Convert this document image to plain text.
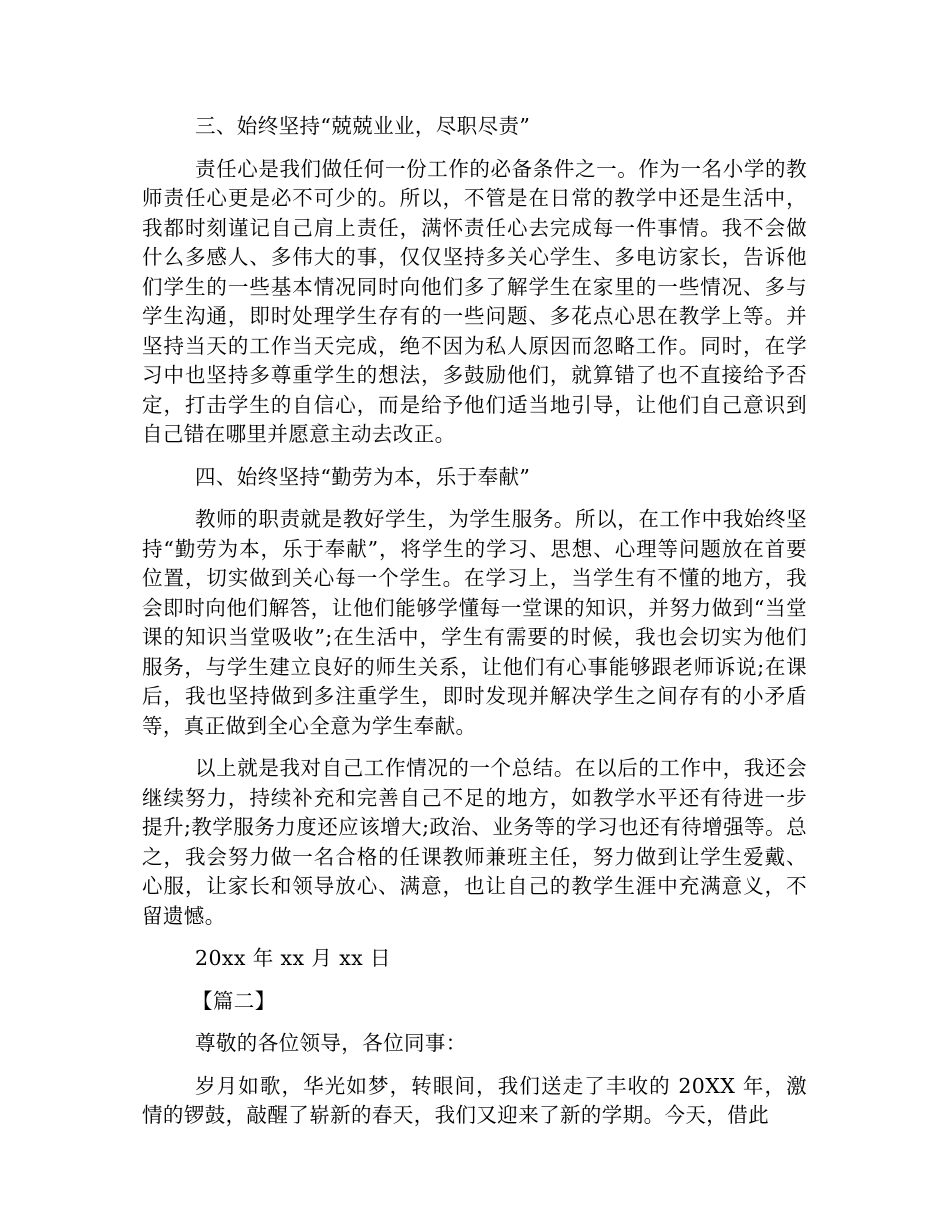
三、始终坚持“兢兢业业，尽职尽责”

责任心是我们做任何一份工作的必备条件之一。作为一名小学的教师责任心更是必不可少的。所以，不管是在日常的教学中还是生活中，我都时刻谨记自己肩上责任，满怀责任心去完成每一件事情。我不会做什么多感人、多伟大的事，仅仅坚持多关心学生、多电访家长，告诉他们学生的一些基本情况同时向他们多了解学生在家里的一些情况、多与学生沟通，即时处理学生存有的一些问题、多花点心思在教学上等。并坚持当天的工作当天完成，绝不因为私人原因而忽略工作。同时，在学习中也坚持多尊重学生的想法，多鼓励他们，就算错了也不直接给予否定，打击学生的自信心，而是给予他们适当地引导，让他们自己意识到自己错在哪里并愿意主动去改正。

四、始终坚持“勤劳为本，乐于奉献”

教师的职责就是教好学生，为学生服务。所以，在工作中我始终坚持“勤劳为本，乐于奉献”，将学生的学习、思想、心理等问题放在首要位置，切实做到关心每一个学生。在学习上，当学生有不懂的地方，我会即时向他们解答，让他们能够学懂每一堂课的知识，并努力做到“当堂课的知识当堂吸收”;在生活中，学生有需要的时候，我也会切实为他们服务，与学生建立良好的师生关系，让他们有心事能够跟老师诉说;在课后，我也坚持做到多注重学生，即时发现并解决学生之间存有的小矛盾等，真正做到全心全意为学生奉献。

以上就是我对自己工作情况的一个总结。在以后的工作中，我还会继续努力，持续补充和完善自己不足的地方，如教学水平还有待进一步提升;教学服务力度还应该增大;政治、业务等的学习也还有待增强等。总之，我会努力做一名合格的任课教师兼班主任，努力做到让学生爱戴、心服，让家长和领导放心、满意，也让自己的教学生涯中充满意义，不留遗憾。

20xx 年 xx 月 xx 日

【篇二】

尊敬的各位领导，各位同事：

岁月如歌，华光如梦，转眼间，我们送走了丰收的 20XX 年，激情的锣鼓，敲醒了崭新的春天，我们又迎来了新的学期。今天，借此
